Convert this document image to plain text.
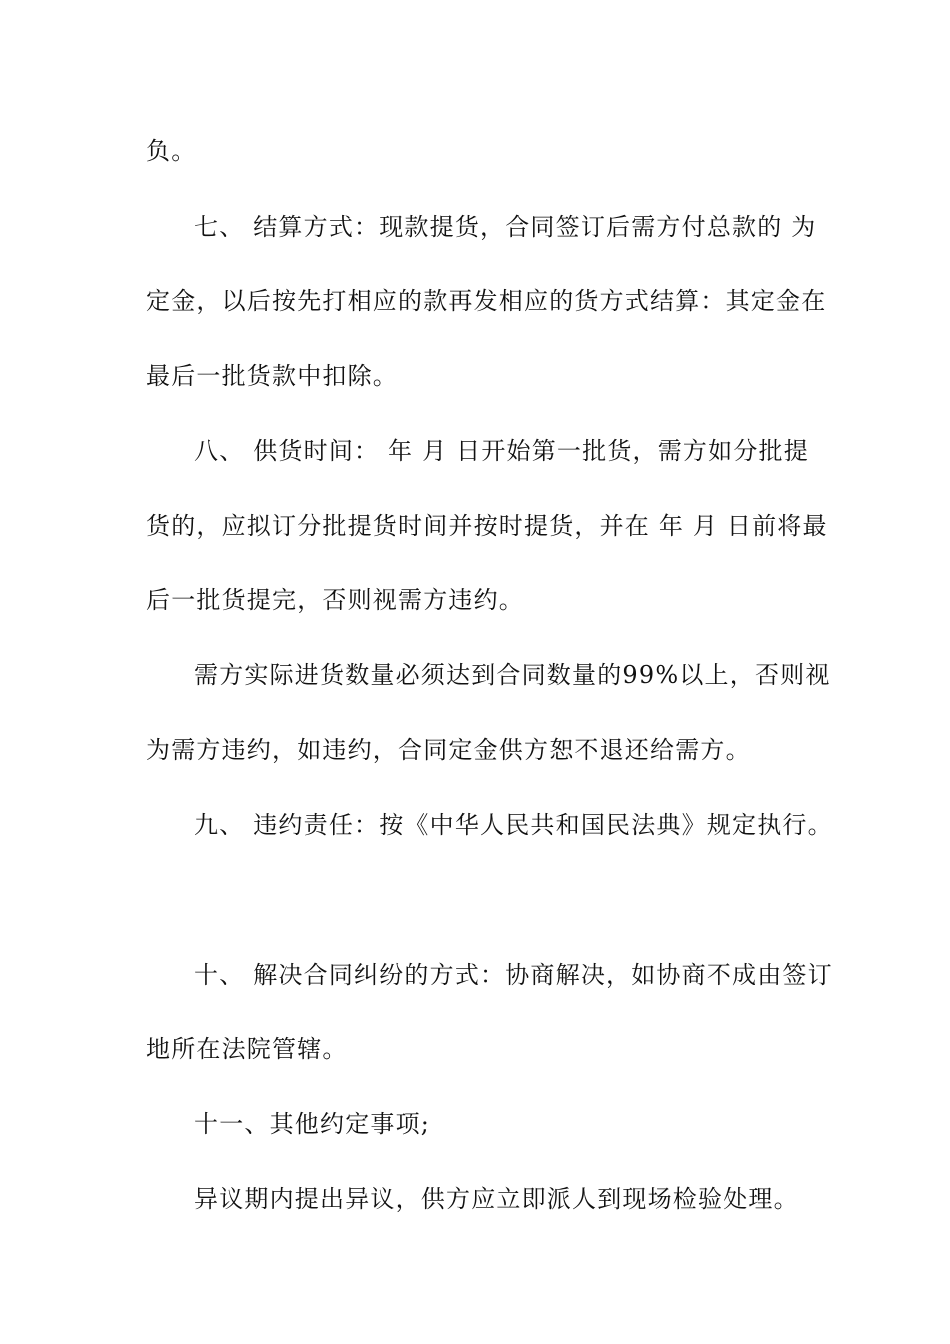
负。
七、 结算方式：现款提货，合同签订后需方付总款的 为
定金，以后按先打相应的款再发相应的货方式结算：其定金在
最后一批货款中扣除。
八、 供货时间： 年 月 日开始第一批货，需方如分批提
货的，应拟订分批提货时间并按时提货，并在 年 月 日前将最
后一批货提完，否则视需方违约。
需方实际进货数量必须达到合同数量的99%以上，否则视
为需方违约，如违约，合同定金供方恕不退还给需方。
九、 违约责任：按《中华人民共和国民法典》规定执行。
十、 解决合同纠纷的方式：协商解决，如协商不成由签订
地所在法院管辖。
十一、其他约定事项;
异议期内提出异议，供方应立即派人到现场检验处理。
